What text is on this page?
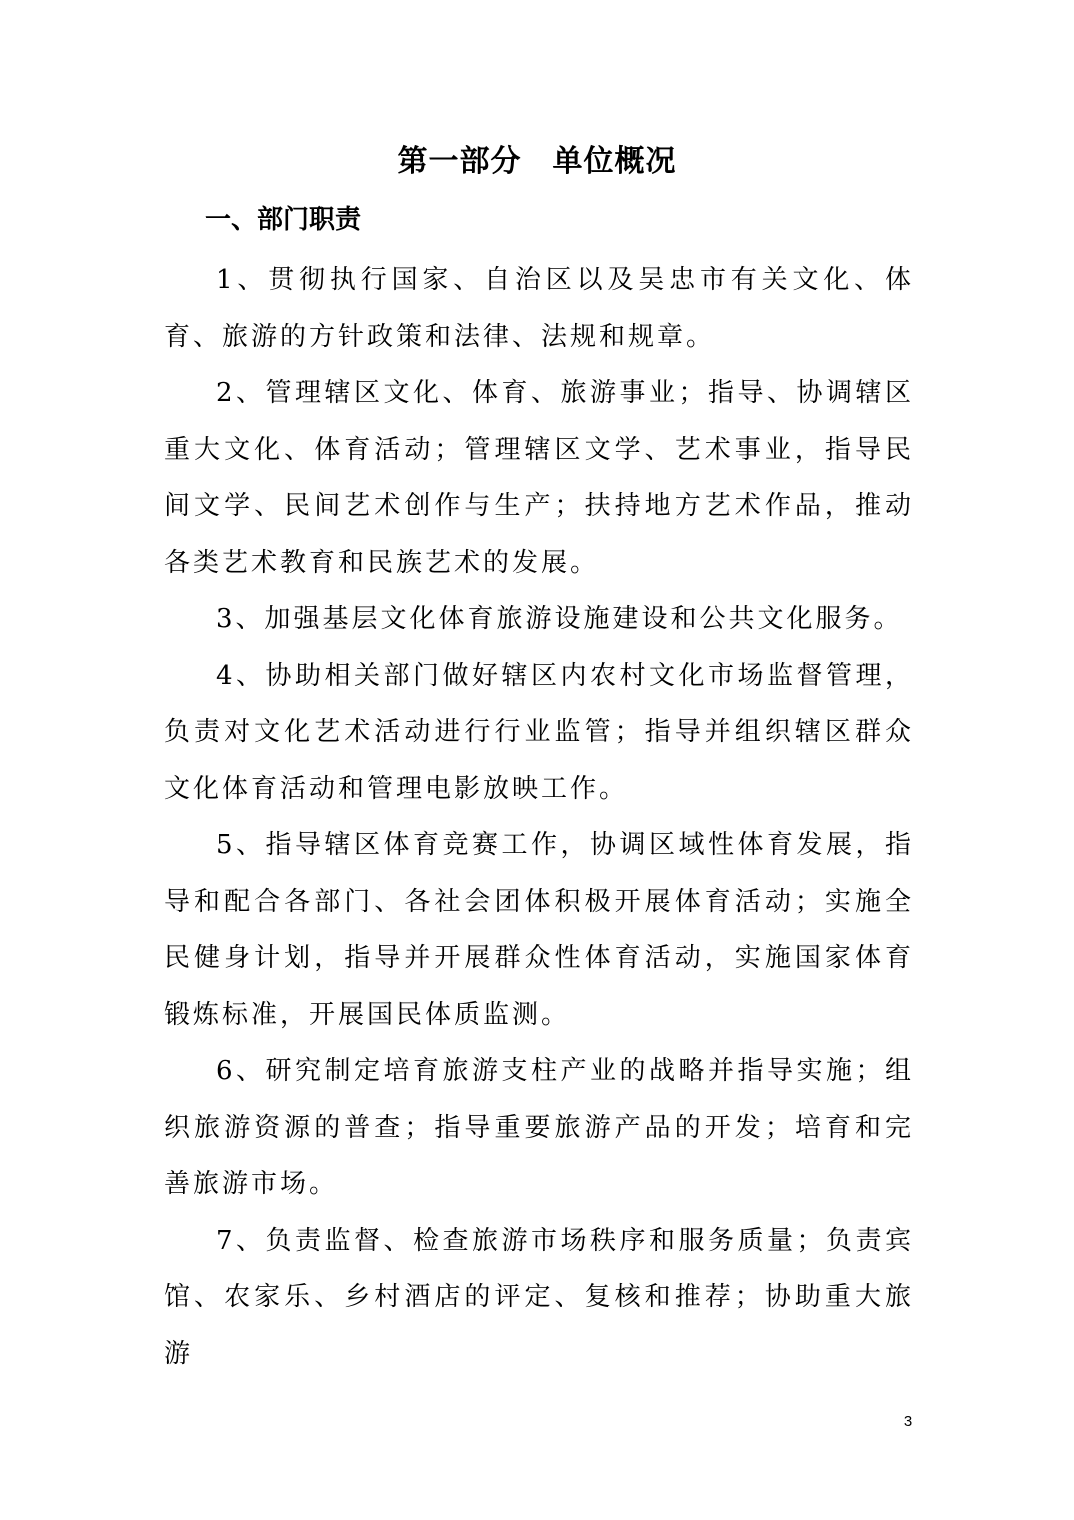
第一部分　单位概况
一、部门职责

1、贯彻执行国家、自治区以及吴忠市有关文化、体育、旅游的方针政策和法律、法规和规章。

2、管理辖区文化、体育、旅游事业；指导、协调辖区重大文化、体育活动；管理辖区文学、艺术事业，指导民间文学、民间艺术创作与生产；扶持地方艺术作品，推动各类艺术教育和民族艺术的发展。

3、加强基层文化体育旅游设施建设和公共文化服务。

4、协助相关部门做好辖区内农村文化市场监督管理，负责对文化艺术活动进行行业监管；指导并组织辖区群众文化体育活动和管理电影放映工作。

5、指导辖区体育竞赛工作，协调区域性体育发展，指导和配合各部门、各社会团体积极开展体育活动；实施全民健身计划，指导并开展群众性体育活动，实施国家体育锻炼标准，开展国民体质监测。

6、研究制定培育旅游支柱产业的战略并指导实施；组织旅游资源的普查；指导重要旅游产品的开发；培育和完善旅游市场。

7、负责监督、检查旅游市场秩序和服务质量；负责宾馆、农家乐、乡村酒店的评定、复核和推荐；协助重大旅游

3
